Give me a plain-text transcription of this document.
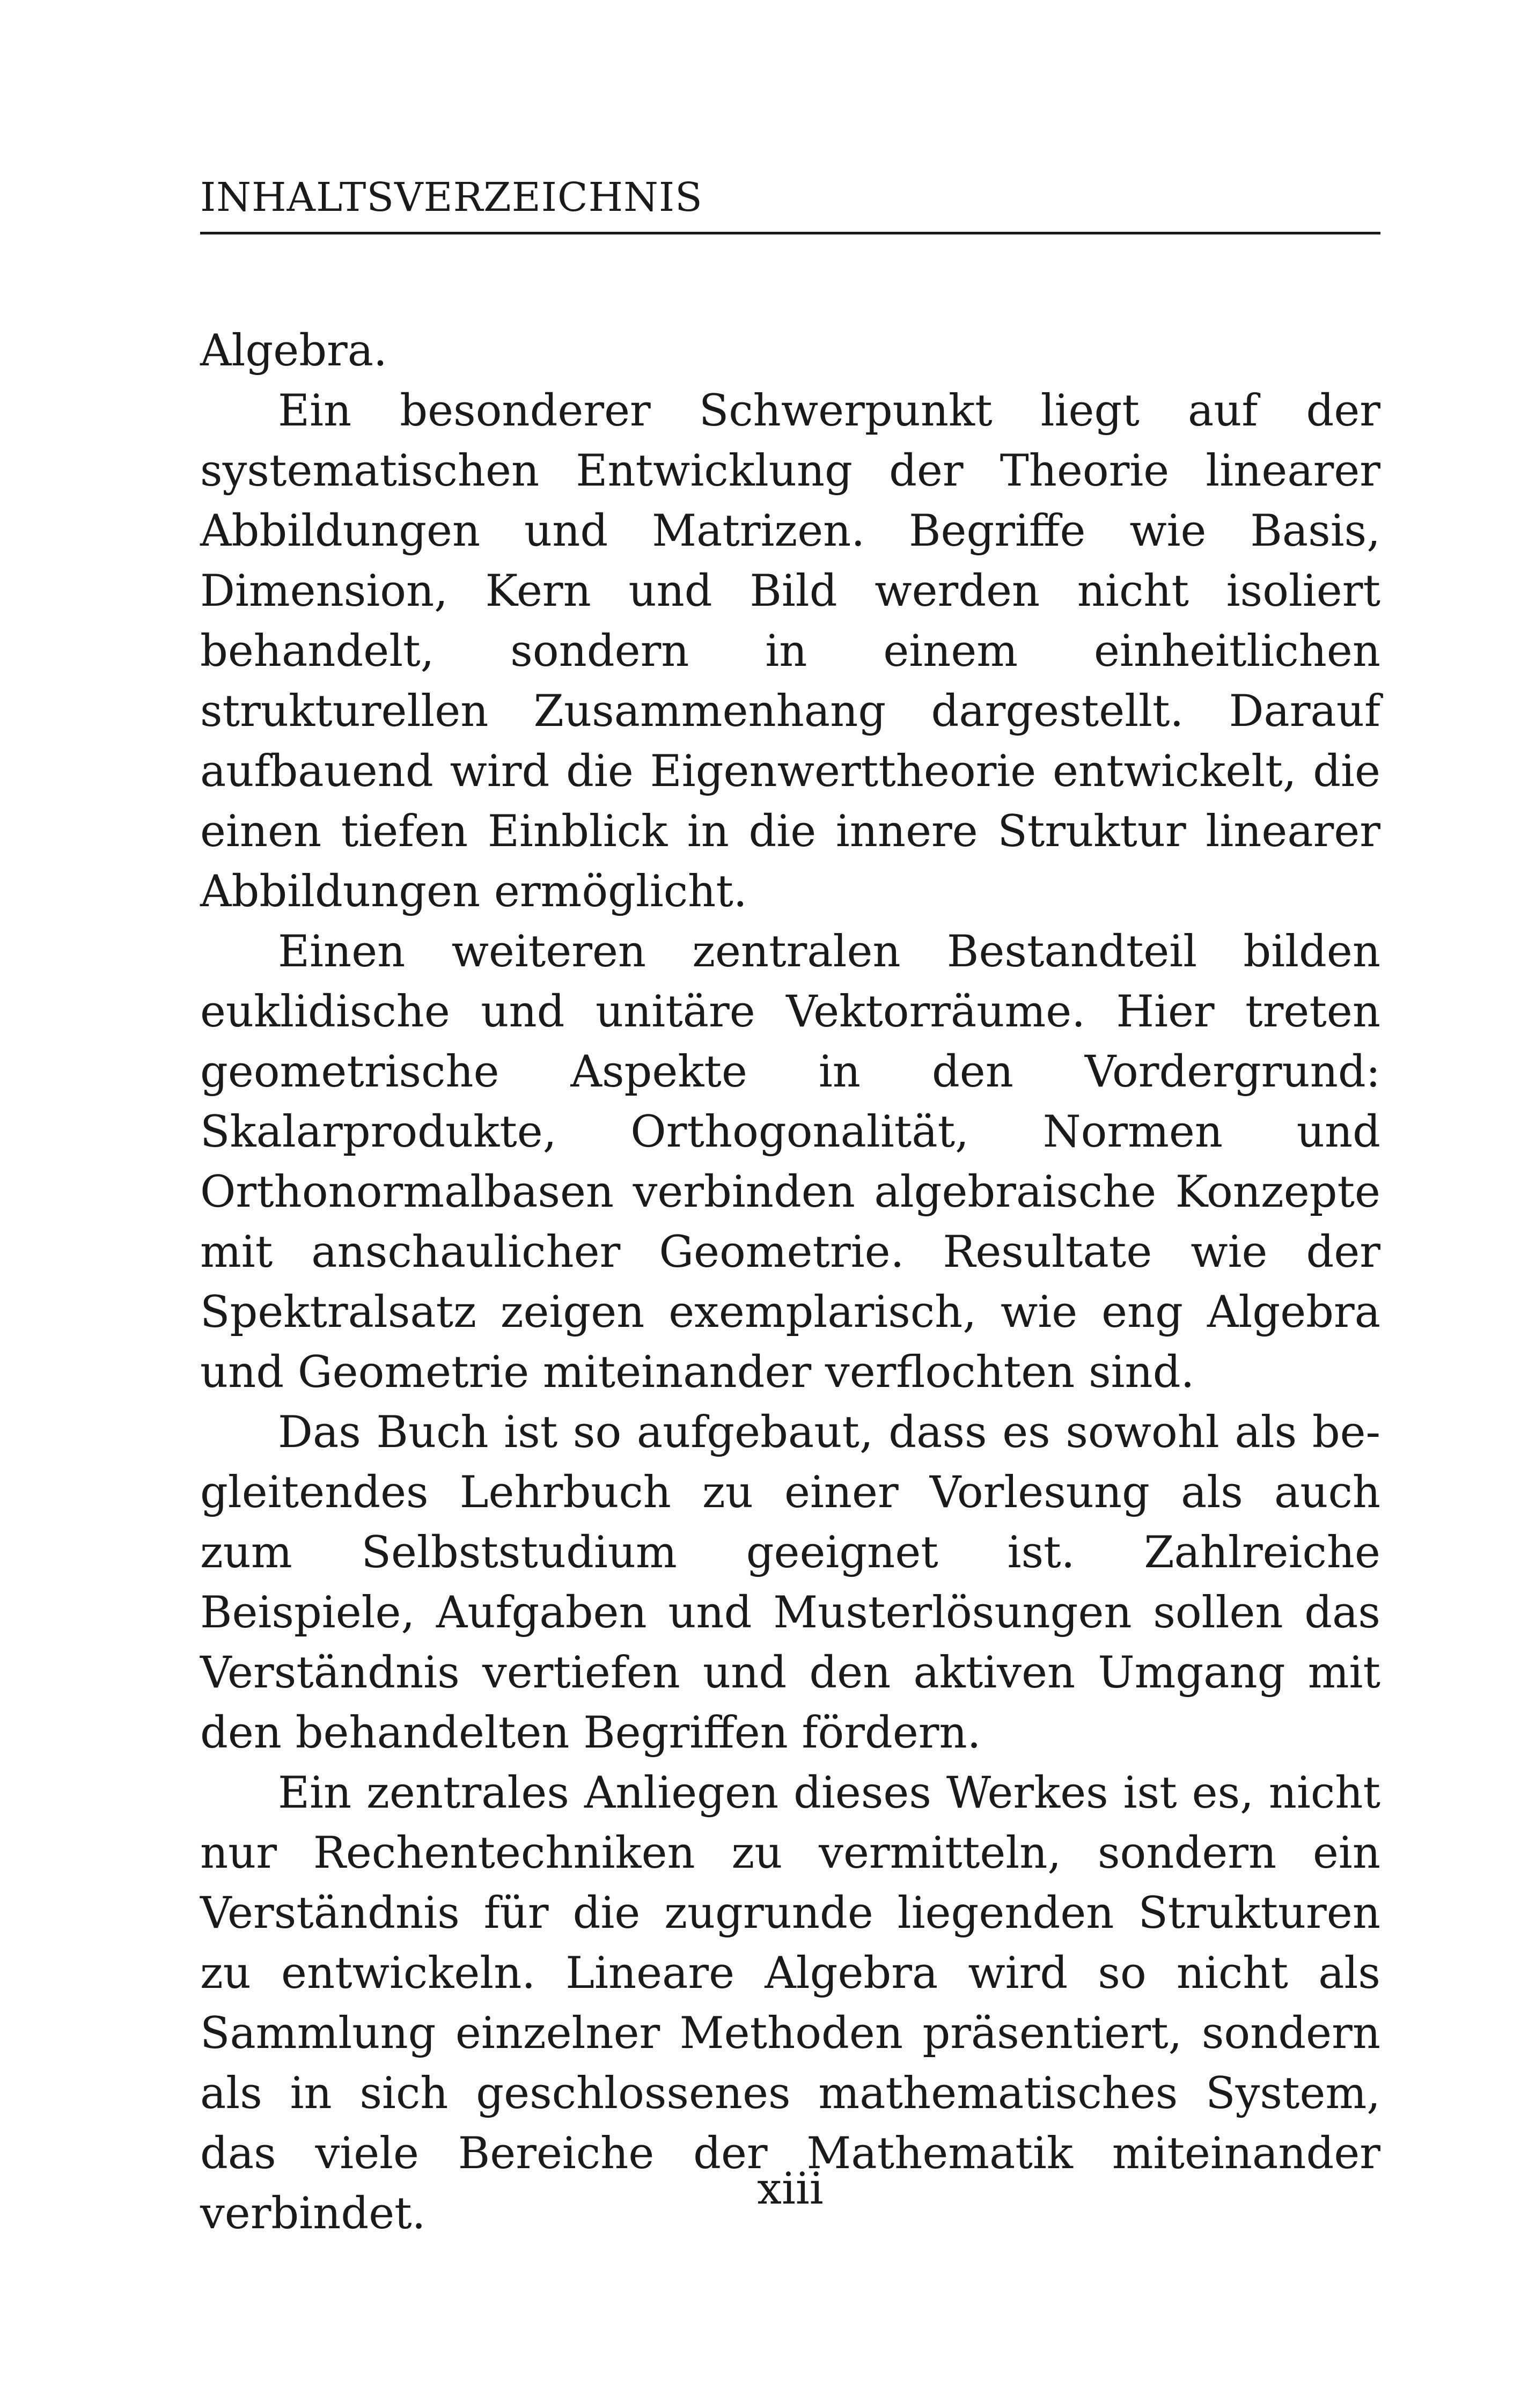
INHALTSVERZEICHNIS

Algebra.

Ein besonderer Schwerpunkt liegt auf der systematischen Entwicklung der Theorie linearer Abbildungen und Matrizen. Begriffe wie Basis, Dimension, Kern und Bild werden nicht isoliert behandelt, sondern in einem einheitlichen strukturellen Zusammenhang dargestellt. Darauf aufbauend wird die Eigenwerttheorie entwickelt, die einen tiefen Einblick in die innere Struktur linearer Abbildungen ermöglicht.

Einen weiteren zentralen Bestandteil bilden euklidische und unitäre Vektorräume. Hier treten geometrische Aspekte in den Vordergrund: Skalarprodukte, Orthogonalität, Normen und Orthonormalbasen verbinden algebraische Konzepte mit anschaulicher Geometrie. Resultate wie der Spektralsatz zeigen exemplarisch, wie eng Algebra und Geometrie miteinander verflochten sind.

Das Buch ist so aufgebaut, dass es sowohl als begleitendes Lehrbuch zu einer Vorlesung als auch zum Selbststudium geeignet ist. Zahlreiche Beispiele, Aufgaben und Musterlösungen sollen das Verständnis vertiefen und den aktiven Umgang mit den behandelten Begriffen fördern.

Ein zentrales Anliegen dieses Werkes ist es, nicht nur Rechentechniken zu vermitteln, sondern ein Verständnis für die zugrunde liegenden Strukturen zu entwickeln. Lineare Algebra wird so nicht als Sammlung einzelner Methoden präsentiert, sondern als in sich geschlossenes mathematisches System, das viele Bereiche der Mathematik miteinander verbindet.	xiii
